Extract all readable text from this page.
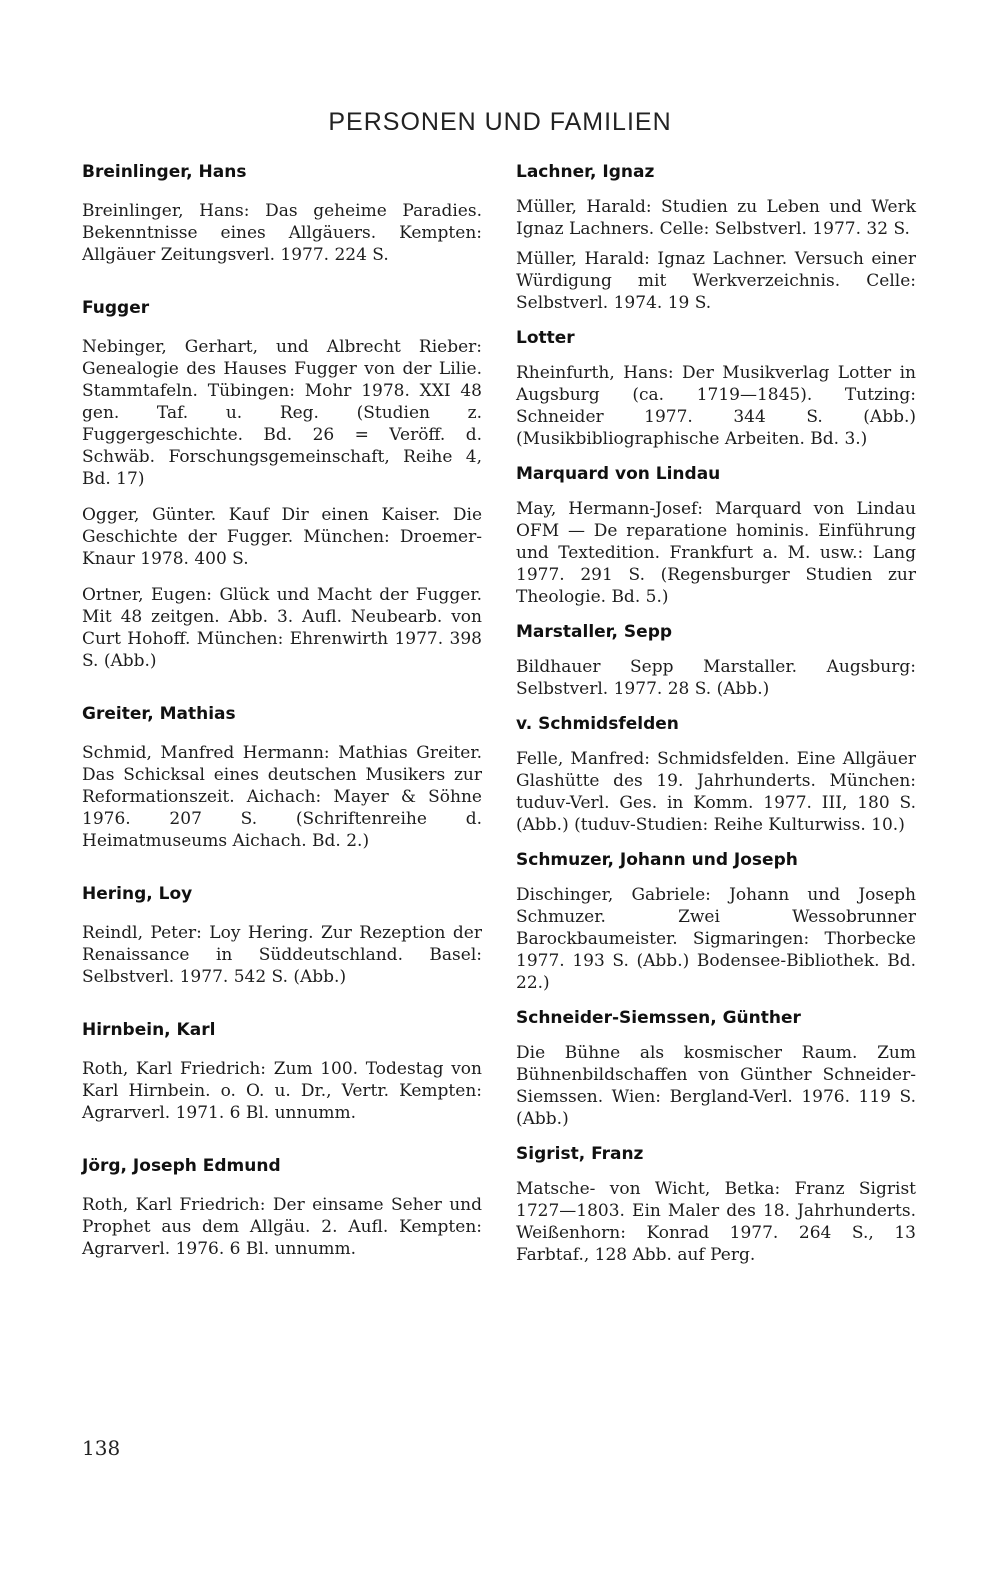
PERSONEN UND FAMILIEN
Breinlinger, Hans

Breinlinger, Hans: Das geheime Paradies. Bekenntnisse eines Allgäuers. Kempten: Allgäuer Zeitungsverl. 1977. 224 S.

Fugger

Nebinger, Gerhart, und Albrecht Rieber: Genealogie des Hauses Fugger von der Lilie. Stammtafeln. Tübingen: Mohr 1978. XXI 48 gen. Taf. u. Reg. (Studien z. Fuggergeschichte. Bd. 26 = Veröff. d. Schwäb. Forschungsgemeinschaft, Reihe 4, Bd. 17)

Ogger, Günter. Kauf Dir einen Kaiser. Die Geschichte der Fugger. München: Droemer-Knaur 1978. 400 S.

Ortner, Eugen: Glück und Macht der Fugger. Mit 48 zeitgen. Abb. 3. Aufl. Neubearb. von Curt Hohoff. München: Ehrenwirth 1977. 398 S. (Abb.)

Greiter, Mathias

Schmid, Manfred Hermann: Mathias Greiter. Das Schicksal eines deutschen Musikers zur Reformationszeit. Aichach: Mayer & Söhne 1976. 207 S. (Schriftenreihe d. Heimatmuseums Aichach. Bd. 2.)

Hering, Loy

Reindl, Peter: Loy Hering. Zur Rezeption der Renaissance in Süddeutschland. Basel: Selbstverl. 1977. 542 S. (Abb.)

Hirnbein, Karl

Roth, Karl Friedrich: Zum 100. Todestag von Karl Hirnbein. o. O. u. Dr., Vertr. Kempten: Agrarverl. 1971. 6 Bl. unnumm.

Jörg, Joseph Edmund

Roth, Karl Friedrich: Der einsame Seher und Prophet aus dem Allgäu. 2. Aufl. Kempten: Agrarverl. 1976. 6 Bl. unnumm.

Lachner, Ignaz

Müller, Harald: Studien zu Leben und Werk Ignaz Lachners. Celle: Selbstverl. 1977. 32 S.

Müller, Harald: Ignaz Lachner. Versuch einer Würdigung mit Werkverzeichnis. Celle: Selbstverl. 1974. 19 S.

Lotter

Rheinfurth, Hans: Der Musikverlag Lotter in Augsburg (ca. 1719—1845). Tutzing: Schneider 1977. 344 S. (Abb.) (Musikbibliographische Arbeiten. Bd. 3.)

Marquard von Lindau

May, Hermann-Josef: Marquard von Lindau OFM — De reparatione hominis. Einführung und Textedition. Frankfurt a. M. usw.: Lang 1977. 291 S. (Regensburger Studien zur Theologie. Bd. 5.)

Marstaller, Sepp

Bildhauer Sepp Marstaller. Augsburg: Selbstverl. 1977. 28 S. (Abb.)

v. Schmidsfelden

Felle, Manfred: Schmidsfelden. Eine Allgäuer Glashütte des 19. Jahrhunderts. München: tuduv-Verl. Ges. in Komm. 1977. III, 180 S. (Abb.) (tuduv-Studien: Reihe Kulturwiss. 10.)

Schmuzer, Johann und Joseph

Dischinger, Gabriele: Johann und Joseph Schmuzer. Zwei Wessobrunner Barockbaumeister. Sigmaringen: Thorbecke 1977. 193 S. (Abb.) Bodensee-Bibliothek. Bd. 22.)

Schneider-Siemssen, Günther

Die Bühne als kosmischer Raum. Zum Bühnenbildschaffen von Günther Schneider-Siemssen. Wien: Bergland-Verl. 1976. 119 S. (Abb.)

Sigrist, Franz

Matsche- von Wicht, Betka: Franz Sigrist 1727—1803. Ein Maler des 18. Jahrhunderts. Weißenhorn: Konrad 1977. 264 S., 13 Farbtaf., 128 Abb. auf Perg.

138
